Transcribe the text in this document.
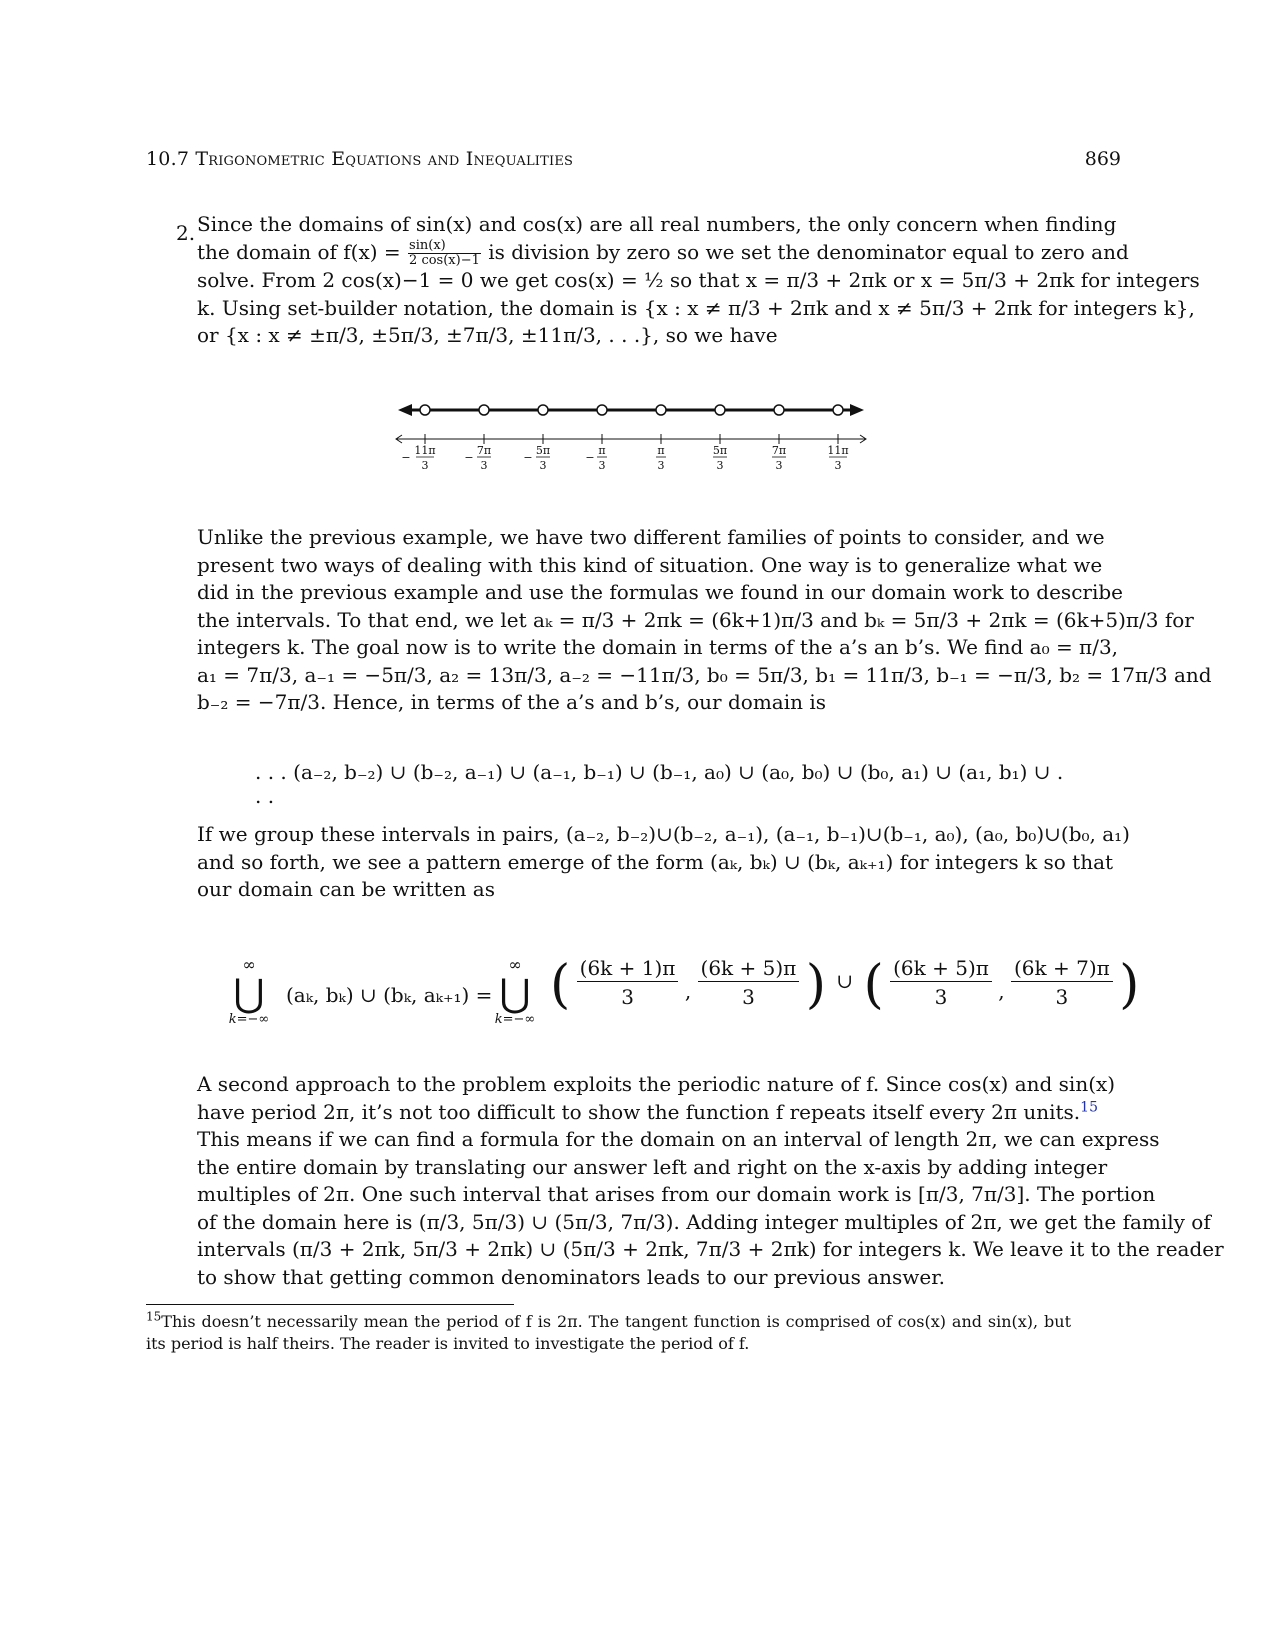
10.7 Trigonometric Equations and Inequalities	869
2. Since the domains of sin(x) and cos(x) are all real numbers, the only concern when finding
the domain of $f(x) = \frac{\sin(x)}{2 \cos(x)-1}$ is division by zero so we set the denominator equal to zero and
solve. From 2 cos(x)−1 = 0 we get cos(x) = ½ so that x = π/3 + 2πk or x = 5π/3 + 2πk for integers
k. Using set-builder notation, the domain is {x : x ≠ π/3 + 2πk and x ≠ 5π/3 + 2πk for integers k},
or {x : x ≠ ±π/3, ±5π/3, ±7π/3, ±11π/3, . . .}, so we have
−
11π
3
−
7π
3
−
5π
3
−
π
3
π
3
5π
3
7π
3
11π
3
Unlike the previous example, we have two different families of points to consider, and we
present two ways of dealing with this kind of situation. One way is to generalize what we
did in the previous example and use the formulas we found in our domain work to describe
the intervals. To that end, we let aₖ = π/3 + 2πk = (6k+1)π/3 and bₖ = 5π/3 + 2πk = (6k+5)π/3 for
integers k. The goal now is to write the domain in terms of the a’s an b’s. We find a₀ = π/3,
a₁ = 7π/3, a₋₁ = −5π/3, a₂ = 13π/3, a₋₂ = −11π/3, b₀ = 5π/3, b₁ = 11π/3, b₋₁ = −π/3, b₂ = 17π/3 and
b₋₂ = −7π/3. Hence, in terms of the a’s and b’s, our domain is
. . . (a₋₂, b₋₂) ∪ (b₋₂, a₋₁) ∪ (a₋₁, b₋₁) ∪ (b₋₁, a₀) ∪ (a₀, b₀) ∪ (b₀, a₁) ∪ (a₁, b₁) ∪ . . .
If we group these intervals in pairs, (a₋₂, b₋₂)∪(b₋₂, a₋₁), (a₋₁, b₋₁)∪(b₋₁, a₀), (a₀, b₀)∪(b₀, a₁)
and so forth, we see a pattern emerge of the form (aₖ, bₖ) ∪ (bₖ, aₖ₊₁) for integers k so that
our domain can be written as
∞
⋃
k=−∞
(aₖ, bₖ) ∪ (bₖ, aₖ₊₁) =
∞
⋃
k=−∞
( $\frac{(6k + 1)\pi}{3}$ , $\frac{(6k + 5)\pi}{3}$ ) ∪ ( $\frac{(6k + 5)\pi}{3}$ , $\frac{(6k + 7)\pi}{3}$ )
A second approach to the problem exploits the periodic nature of f. Since cos(x) and sin(x)
have period 2π, it’s not too difficult to show the function f repeats itself every 2π units.$^{15}$
This means if we can find a formula for the domain on an interval of length 2π, we can express
the entire domain by translating our answer left and right on the x-axis by adding integer
multiples of 2π. One such interval that arises from our domain work is [π/3, 7π/3]. The portion
of the domain here is (π/3, 5π/3) ∪ (5π/3, 7π/3). Adding integer multiples of 2π, we get the family of
intervals (π/3 + 2πk, 5π/3 + 2πk) ∪ (5π/3 + 2πk, 7π/3 + 2πk) for integers k. We leave it to the reader
to show that getting common denominators leads to our previous answer.
$^{15}$This doesn’t necessarily mean the period of f is 2π. The tangent function is comprised of cos(x) and sin(x), but
its period is half theirs. The reader is invited to investigate the period of f.
